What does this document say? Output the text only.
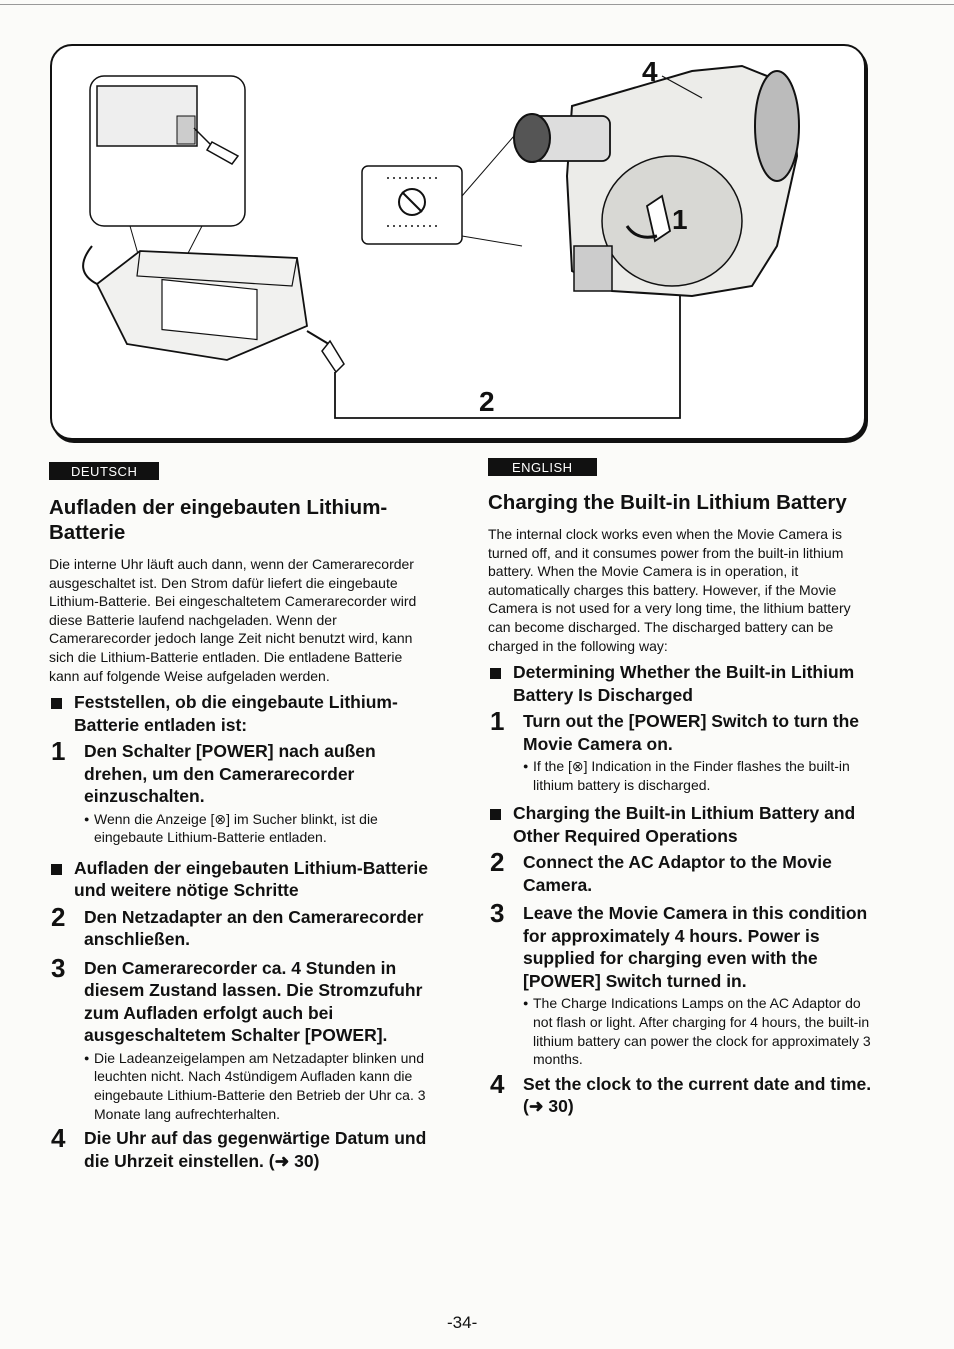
4
1
2
DEUTSCH
Aufladen der eingebauten Lithium-Batterie

Die interne Uhr läuft auch dann, wenn der Camerarecorder ausgeschaltet ist. Den Strom dafür liefert die eingebaute Lithium-Batterie. Bei eingeschaltetem Camerarecorder wird diese Batterie laufend nachgeladen. Wenn der Camerarecorder jedoch lange Zeit nicht benutzt wird, kann sich die Lithium-Batterie entladen. Die entladene Batterie kann auf folgende Weise aufgeladen werden.

Feststellen, ob die eingebaute Lithium-Batterie entladen ist:
1 Den Schalter [POWER] nach außen drehen, um den Camerarecorder einzuschalten.
● Wenn die Anzeige [⊗] im Sucher blinkt, ist die eingebaute Lithium-Batterie entladen.
Aufladen der eingebauten Lithium-Batterie und weitere nötige Schritte
2 Den Netzadapter an den Camerarecorder anschließen.
3 Den Camerarecorder ca. 4 Stunden in diesem Zustand lassen. Die Stromzufuhr zum Aufladen erfolgt auch bei ausgeschaltetem Schalter [POWER].
● Die Ladeanzeigelampen am Netzadapter blinken und leuchten nicht. Nach 4stündigem Aufladen kann die eingebaute Lithium-Batterie den Betrieb der Uhr ca. 3 Monate lang aufrechterhalten.
4 Die Uhr auf das gegenwärtige Datum und die Uhrzeit einstellen. (➜ 30)
ENGLISH
Charging the Built-in Lithium Battery

The internal clock works even when the Movie Camera is turned off, and it consumes power from the built-in lithium battery. When the Movie Camera is in operation, it automatically charges this battery. However, if the Movie Camera is not used for a very long time, the lithium battery can become discharged. The discharged battery can be charged in the following way:

Determining Whether the Built-in Lithium Battery Is Discharged
1 Turn out the [POWER] Switch to turn the Movie Camera on.
● If the [⊗] Indication in the Finder flashes the built-in lithium battery is discharged.
Charging the Built-in Lithium Battery and Other Required Operations
2 Connect the AC Adaptor to the Movie Camera.
3 Leave the Movie Camera in this condition for approximately 4 hours. Power is supplied for charging even with the [POWER] Switch turned in.
● The Charge Indications Lamps on the AC Adaptor do not flash or light. After charging for 4 hours, the built-in lithium battery can power the clock for approximately 3 months.
4 Set the clock to the current date and time. (➜ 30)
-34-
